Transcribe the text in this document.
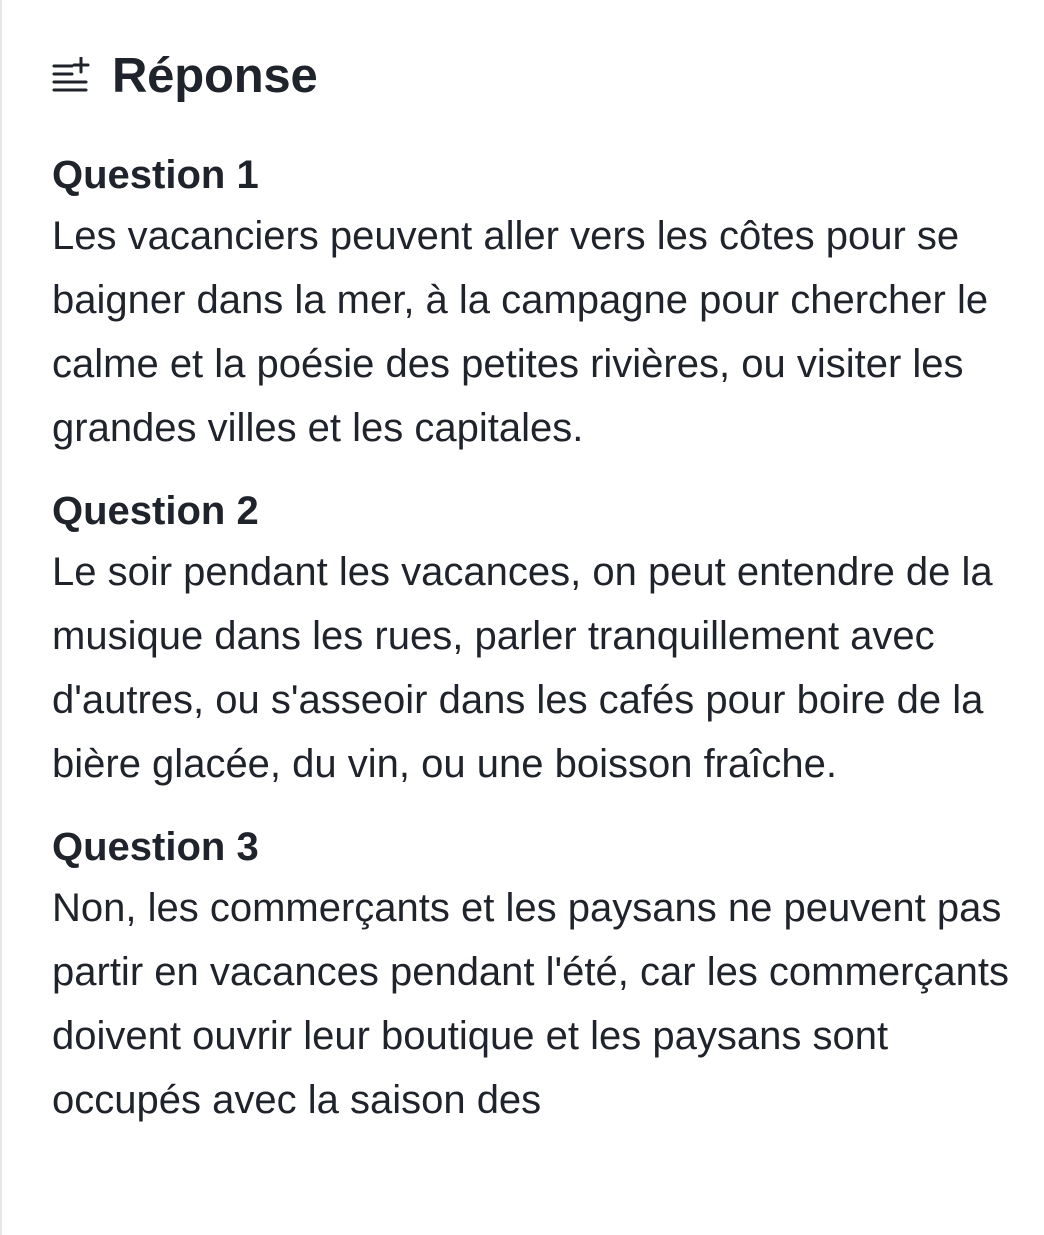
Réponse

Question 1

Les vacanciers peuvent aller vers les côtes pour se baigner dans la mer, à la campagne pour chercher le calme et la poésie des petites rivières, ou visiter les grandes villes et les capitales.

Question 2

Le soir pendant les vacances, on peut entendre de la musique dans les rues, parler tranquillement avec d'autres, ou s'asseoir dans les cafés pour boire de la bière glacée, du vin, ou une boisson fraîche.

Question 3

Non, les commerçants et les paysans ne peuvent pas partir en vacances pendant l'été, car les commerçants doivent ouvrir leur boutique et les paysans sont occupés avec la saison des
